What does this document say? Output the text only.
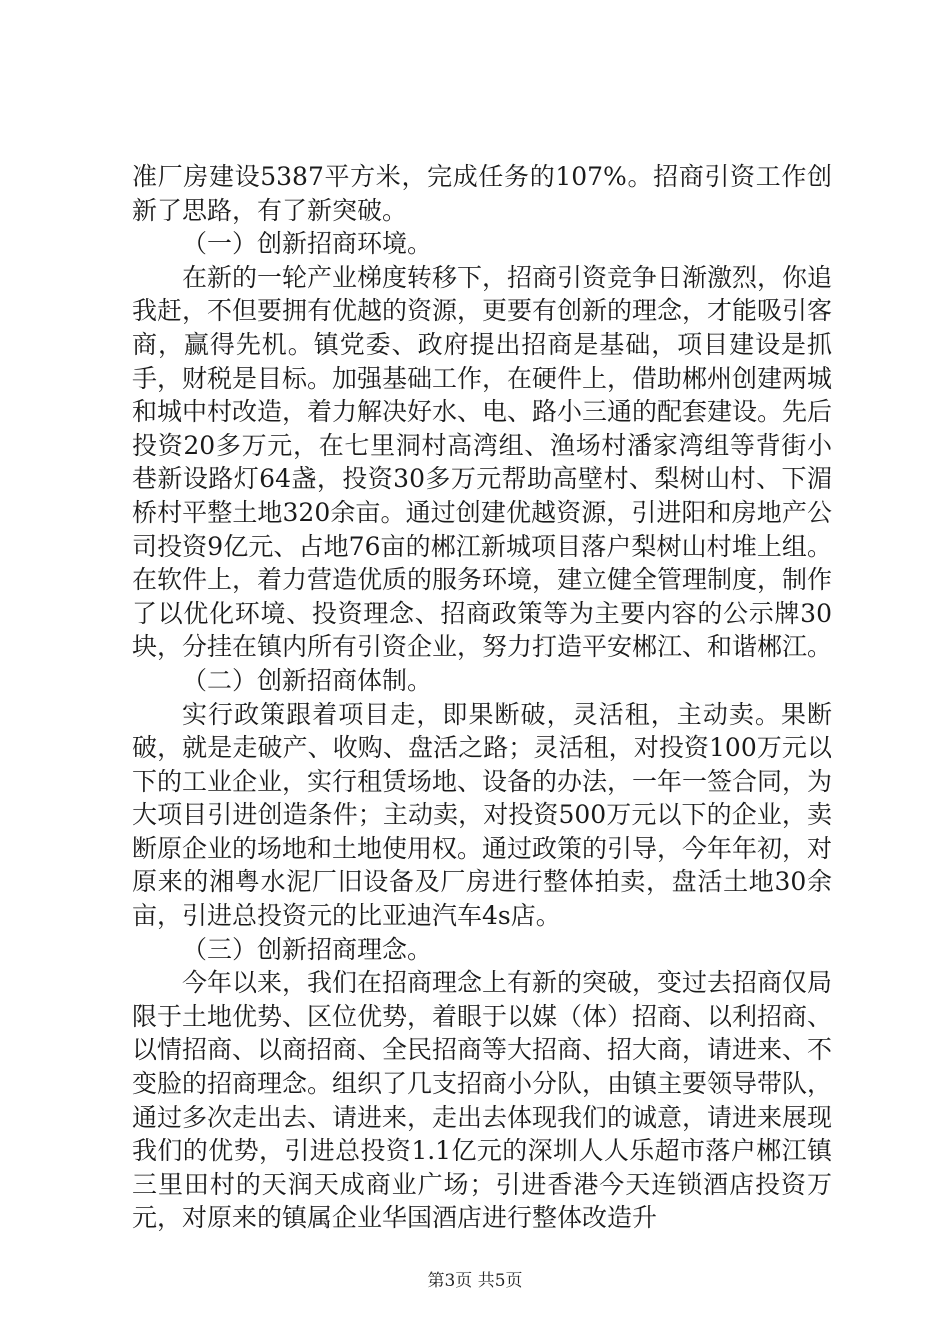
准厂房建设5387平方米，完成任务的107%。招商引资工作创新了思路，有了新突破。

（一）创新招商环境。

在新的一轮产业梯度转移下，招商引资竞争日渐激烈，你追我赶，不但要拥有优越的资源，更要有创新的理念，才能吸引客商，赢得先机。镇党委、政府提出招商是基础，项目建设是抓手，财税是目标。加强基础工作，在硬件上，借助郴州创建两城和城中村改造，着力解决好水、电、路小三通的配套建设。先后投资20多万元，在七里洞村高湾组、渔场村潘家湾组等背街小巷新设路灯64盏，投资30多万元帮助高壁村、梨树山村、下湄桥村平整土地320余亩。通过创建优越资源，引进阳和房地产公司投资9亿元、占地76亩的郴江新城项目落户梨树山村堆上组。在软件上，着力营造优质的服务环境，建立健全管理制度，制作了以优化环境、投资理念、招商政策等为主要内容的公示牌30块，分挂在镇内所有引资企业，努力打造平安郴江、和谐郴江。

（二）创新招商体制。

实行政策跟着项目走，即果断破，灵活租，主动卖。果断破，就是走破产、收购、盘活之路；灵活租，对投资100万元以下的工业企业，实行租赁场地、设备的办法，一年一签合同，为大项目引进创造条件；主动卖，对投资500万元以下的企业，卖断原企业的场地和土地使用权。通过政策的引导，今年年初，对原来的湘粤水泥厂旧设备及厂房进行整体拍卖，盘活土地30余亩，引进总投资元的比亚迪汽车4s店。

（三）创新招商理念。

今年以来，我们在招商理念上有新的突破，变过去招商仅局限于土地优势、区位优势，着眼于以媒（体）招商、以利招商、以情招商、以商招商、全民招商等大招商、招大商，请进来、不变脸的招商理念。组织了几支招商小分队，由镇主要领导带队，通过多次走出去、请进来，走出去体现我们的诚意，请进来展现我们的优势，引进总投资1.1亿元的深圳人人乐超市落户郴江镇三里田村的天润天成商业广场；引进香港今天连锁酒店投资万元，对原来的镇属企业华国酒店进行整体改造升

第3页 共5页
